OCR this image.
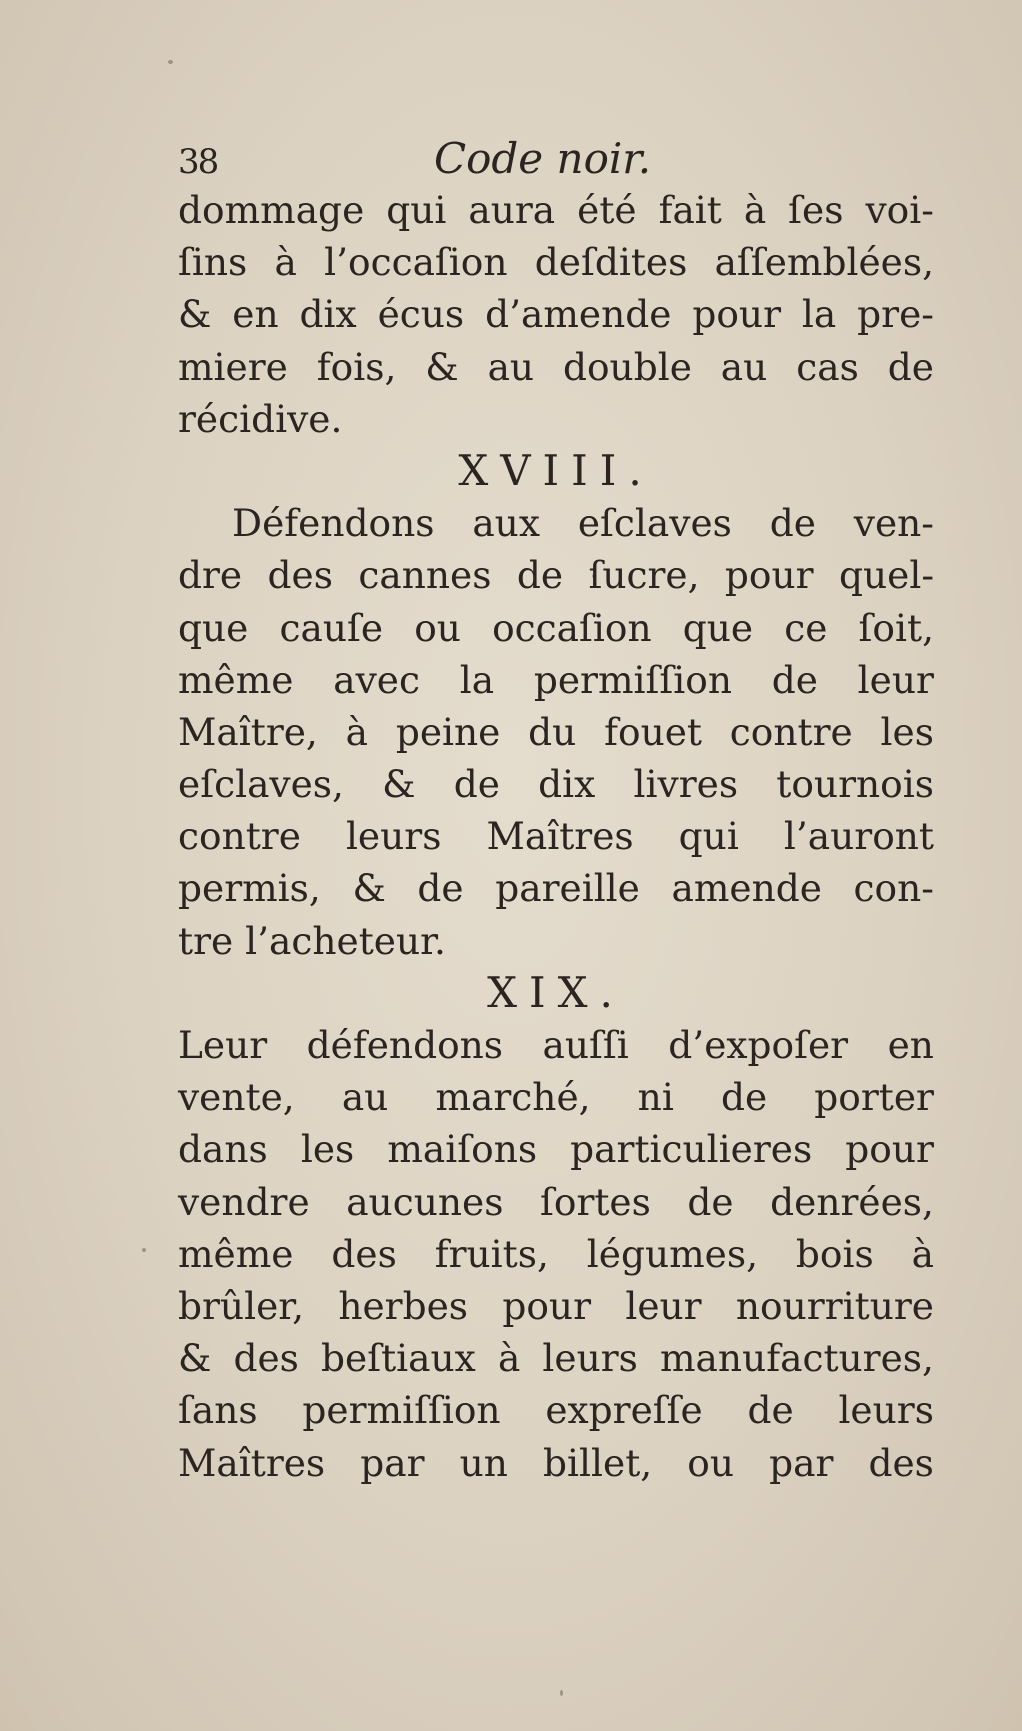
38	Code noir.
dommage qui aura été fait à ſes voi-
ſins à l’occaſion deſdites aſſemblées,
& en dix écus d’amende pour la pre-
miere fois, & au double au cas de
récidive.
XVIII.
Défendons aux eſclaves de ven-
dre des cannes de ſucre, pour quel-
que cauſe ou occaſion que ce ſoit,
même avec la permiſſion de leur
Maître, à peine du fouet contre les
eſclaves, & de dix livres tournois
contre leurs Maîtres qui l’auront
permis, & de pareille amende con-
tre l’acheteur.
XIX.
Leur défendons auſſi d’expoſer en
vente, au marché, ni de porter
dans les maiſons particulieres pour
vendre aucunes ſortes de denrées,
même des fruits, légumes, bois à
brûler, herbes pour leur nourriture
& des beſtiaux à leurs manufactures,
ſans permiſſion expreſſe de leurs
Maîtres par un billet, ou par des
